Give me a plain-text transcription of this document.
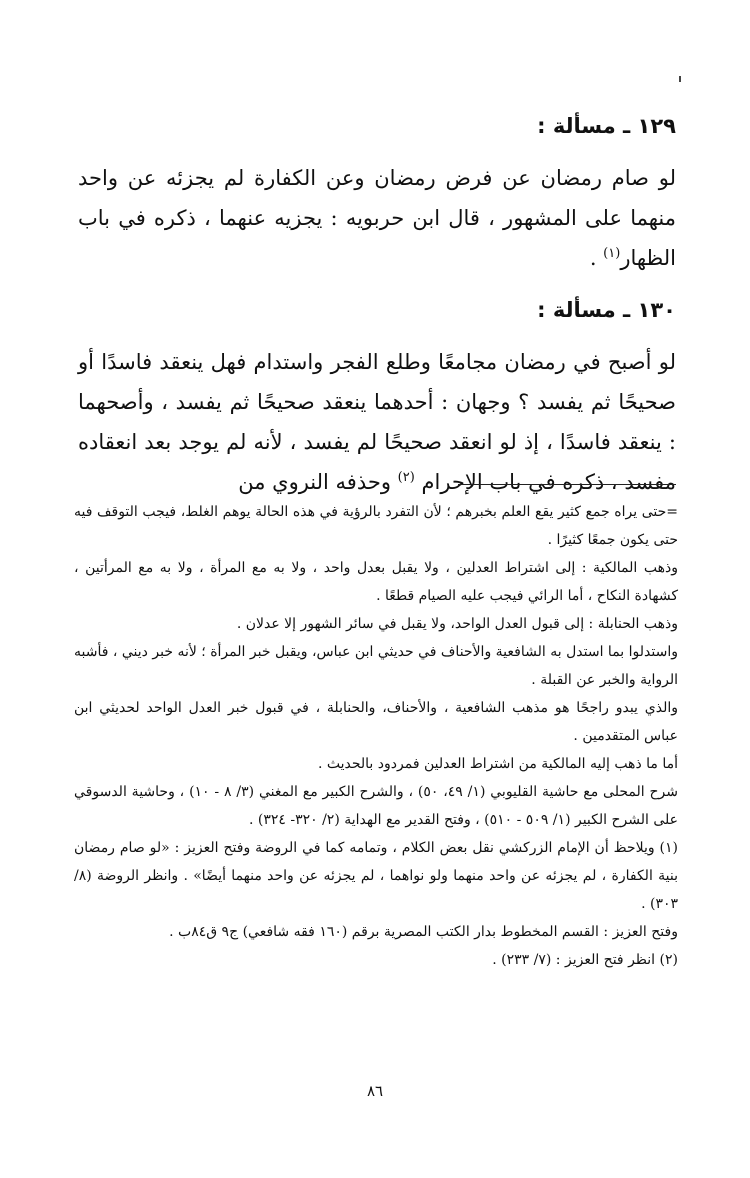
١٢٩ ـ مسألة :

لو صام رمضان عن فرض رمضان وعن الكفارة لم يجزئه عن واحد منهما على المشهور ، قال ابن حربويه : يجزيه عنهما ، ذكره في باب الظهار$^{(١)}$ .

١٣٠ ـ مسألة :

لو أصبح في رمضان مجامعًا وطلع الفجر واستدام فهل ينعقد فاسدًا أو صحيحًا ثم يفسد ؟ وجهان : أحدهما ينعقد صحيحًا ثم يفسد ، وأصحهما : ينعقد فاسدًا ، إذ لو انعقد صحيحًا لم يفسد ، لأنه لم يوجد بعد انعقاده مفسد ، ذكره في باب الإحرام $^{(٢)}$ وحذفه النروي من

=حتى يراه جمع كثير يقع العلم بخبرهم ؛ لأن التفرد بالرؤية في هذه الحالة يوهم الغلط، فيجب التوقف فيه حتى يكون جمعًا كثيرًا .

وذهب المالكية : إلى اشتراط العدلين ، ولا يقبل بعدل واحد ، ولا به مع المرأة ، ولا به مع المرأتين ، كشهادة النكاح ، أما الرائي فيجب عليه الصيام قطعًا .

وذهب الحنابلة : إلى قبول العدل الواحد، ولا يقبل في سائر الشهور إلا عدلان .

واستدلوا بما استدل به الشافعية والأحناف في حديثي ابن عباس، ويقبل خبر المرأة ؛ لأنه خبر ديني ، فأشبه الرواية والخبر عن القبلة .

والذي يبدو راجحًا هو مذهب الشافعية ، والأحناف، والحنابلة ، في قبول خبر العدل الواحد لحديثي ابن عباس المتقدمين .

أما ما ذهب إليه المالكية من اشتراط العدلين فمردود بالحديث .

شرح المحلى مع حاشية القليوبي (١/ ٤٩، ٥٠) ، والشرح الكبير مع المغني (٣/ ٨ - ١٠) ، وحاشية الدسوقي على الشرح الكبير (١/ ٥٠٩ - ٥١٠) ، وفتح القدير مع الهداية (٢/ ٣٢٠- ٣٢٤) .

(١) ويلاحظ أن الإمام الزركشي نقل بعض الكلام ، وتمامه كما في الروضة وفتح العزيز : «لو صام رمضان بنية الكفارة ، لم يجزئه عن واحد منهما ولو نواهما ، لم يجزئه عن واحد منهما أيضًا» . وانظر الروضة (٨/ ٣٠٣) .

وفتح العزيز : القسم المخطوط بدار الكتب المصرية برقم (١٦٠ فقه شافعي) ج٩ ق٨٤ب .

(٢) انظر فتح العزيز : (٧/ ٢٣٣) .

٨٦
